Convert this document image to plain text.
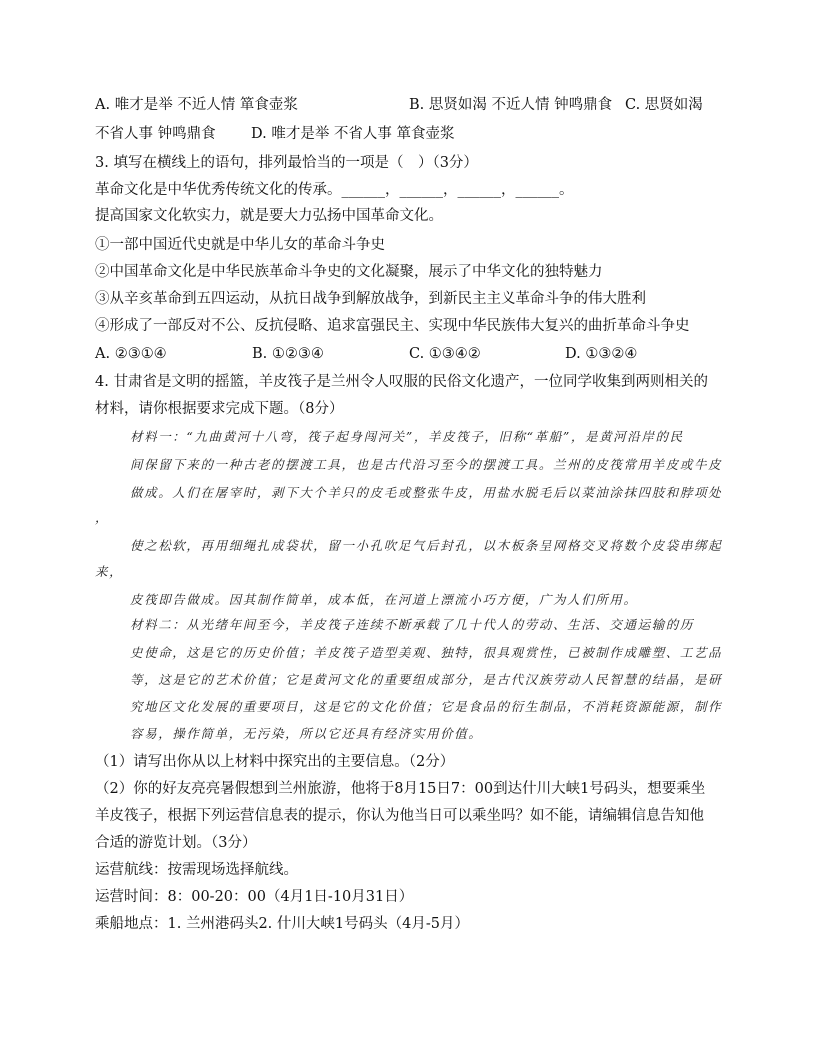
A. 唯才是举 不近人情 箪食壶浆	B. 思贤如渴 不近人情 钟鸣鼎食 C. 思贤如渴
不省人事 钟鸣鼎食 D. 唯才是举 不省人事 箪食壶浆
3. 填写在横线上的语句，排列最恰当的一项是（　）（3分）
革命文化是中华优秀传统文化的传承。______，______，______，______。
提高国家文化软实力，就是要大力弘扬中国革命文化。
①一部中国近代史就是中华儿女的革命斗争史
②中国革命文化是中华民族革命斗争史的文化凝聚，展示了中华文化的独特魅力
③从辛亥革命到五四运动，从抗日战争到解放战争，到新民主主义革命斗争的伟大胜利
④形成了一部反对不公、反抗侵略、追求富强民主、实现中华民族伟大复兴的曲折革命斗争史
A. ②③①④	B. ①②③④	C. ①③④②	D. ①③②④
4. 甘肃省是文明的摇篮，羊皮筏子是兰州令人叹服的民俗文化遗产，一位同学收集到两则相关的
材料，请你根据要求完成下题。（8分）
材料一：“九曲黄河十八弯，筏子起身闯河关”，羊皮筏子，旧称“革船”，是黄河沿岸的民
间保留下来的一种古老的摆渡工具，也是古代沿习至今的摆渡工具。兰州的皮筏常用羊皮或牛皮
做成。人们在屠宰时，剥下大个羊只的皮毛或整张牛皮，用盐水脱毛后以菜油涂抹四肢和脖项处
，
使之松软，再用细绳扎成袋状，留一小孔吹足气后封孔，以木板条呈网格交叉将数个皮袋串绑起
来，
皮筏即告做成。因其制作简单，成本低，在河道上漂流小巧方便，广为人们所用。
材料二：从光绪年间至今，羊皮筏子连续不断承载了几十代人的劳动、生活、交通运输的历
史使命，这是它的历史价值；羊皮筏子造型美观、独特，很具观赏性，已被制作成雕塑、工艺品
等，这是它的艺术价值；它是黄河文化的重要组成部分，是古代汉族劳动人民智慧的结晶，是研
究地区文化发展的重要项目，这是它的文化价值；它是食品的衍生制品，不消耗资源能源，制作
容易，操作简单，无污染，所以它还具有经济实用价值。
（1）请写出你从以上材料中探究出的主要信息。（2分）
（2）你的好友亮亮暑假想到兰州旅游，他将于8月15日7：00到达什川大峡1号码头，想要乘坐
羊皮筏子，根据下列运营信息表的提示，你认为他当日可以乘坐吗？如不能，请编辑信息告知他
合适的游览计划。（3分）
运营航线：按需现场选择航线。
运营时间：8：00-20：00（4月1日-10月31日）
乘船地点：1. 兰州港码头2. 什川大峡1号码头（4月-5月）
